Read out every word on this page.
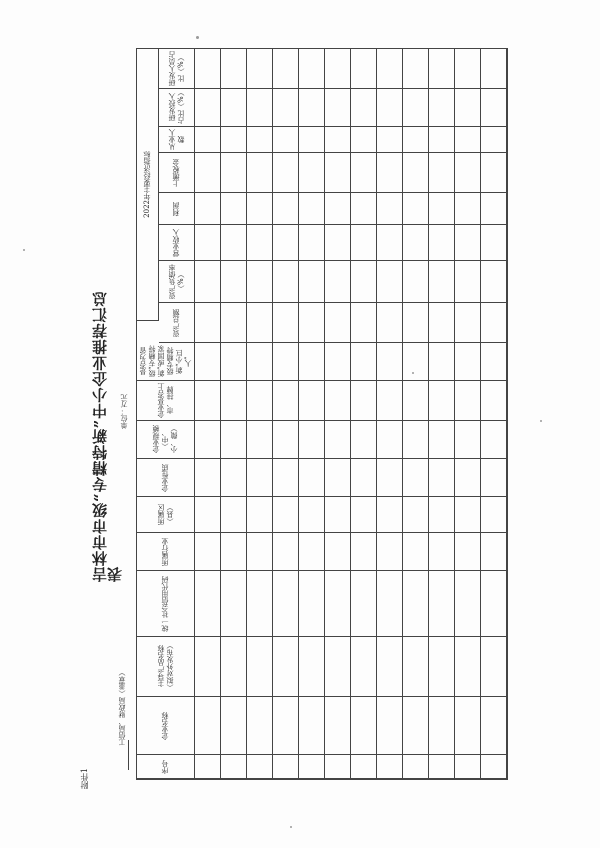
附件1
吉林市市级“专精特新”中小企业推荐汇总表
单位：万元
工信局、财政局（盖章）
2022年主要经济指标
研发人员占比（%）
研发投入占比（%）
从业人数
上缴税金
利润
营业收入
资产负债率（%）
资产总额
是否为省级“专精特新”或国家级专精特新“小巨人”
企业是否上市、挂牌
企业规模（中、小、微）
企业性质
所属区（县）
所属行业
统一社会信用代码
主导产品名称（拟对外发布）
企业名称
序号
